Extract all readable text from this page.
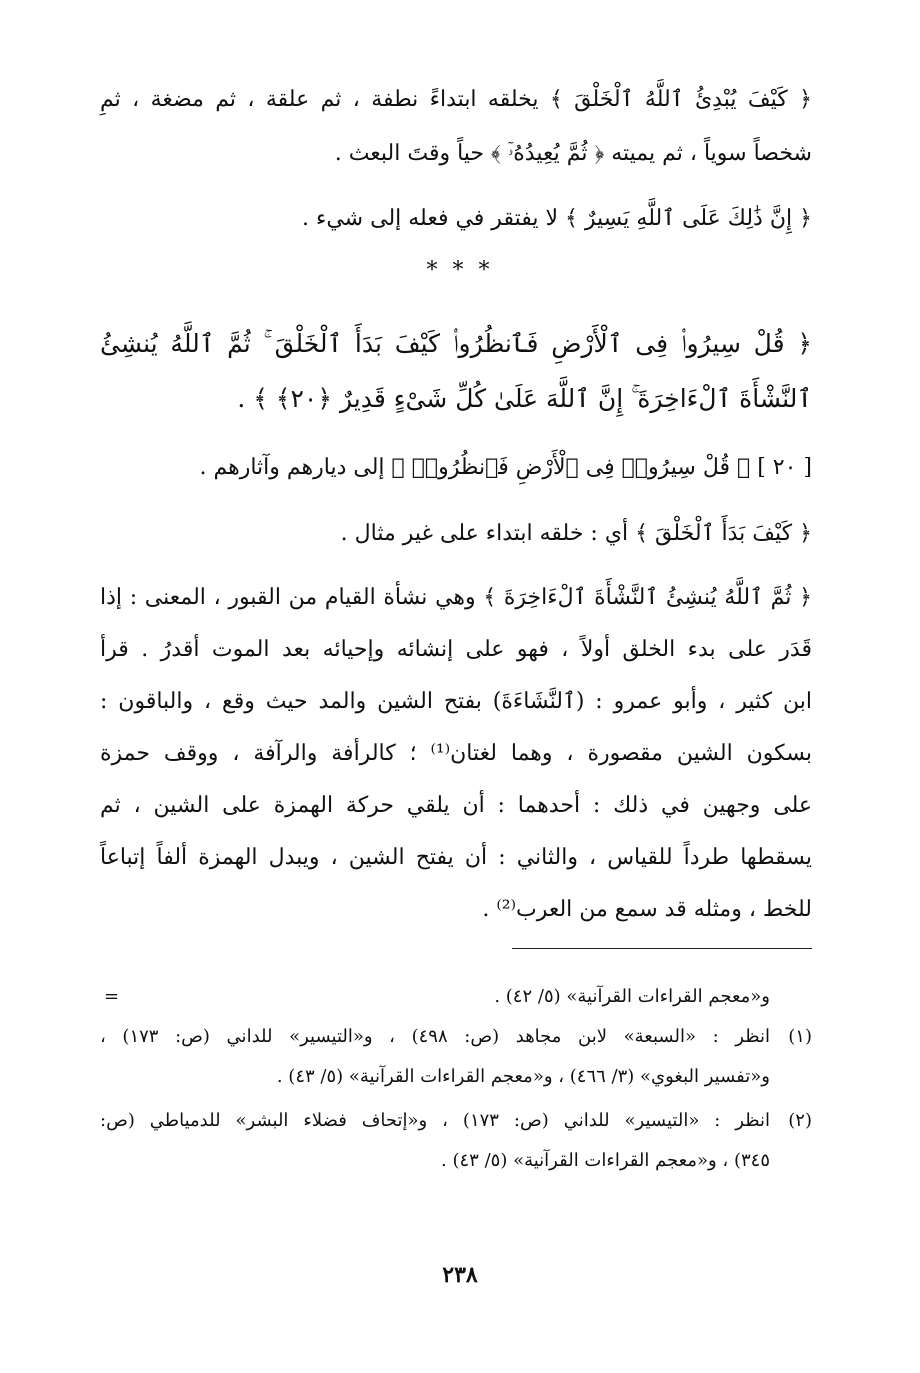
﴿ كَيْفَ يُبْدِئُ ٱللَّهُ ٱلْخَلْقَ ﴾ يخلقه ابتداءً نطفة ، ثم علقة ، ثم مضغة ، ثمِ
شخصاً سوياً ، ثم يميته ﴿ ثُمَّ يُعِيدُهُۥٓ ﴾ حياً وقتَ البعث .
﴿ إِنَّ ذَٰلِكَ عَلَى ٱللَّهِ يَسِيرٌ ﴾ لا يفتقر في فعله إلى شيء .
* * *
﴿ قُلْ سِيرُوا۟ فِى ٱلْأَرْضِ فَٱنظُرُوا۟ كَيْفَ بَدَأَ ٱلْخَلْقَ ۚ ثُمَّ ٱللَّهُ يُنشِئُ
ٱلنَّشْأَةَ ٱلْءَاخِرَةَ ۚ إِنَّ ٱللَّهَ عَلَىٰ كُلِّ شَىْءٍ قَدِيرٌ ﴿٢٠﴾ ﴾ .
[ ٢٠ ] ﴿ قُلْ سِيرُوا۟ فِى ٱلْأَرْضِ فَٱنظُرُوا۟ ﴾ إلى ديارهم وآثارهم .
﴿ كَيْفَ بَدَأَ ٱلْخَلْقَ ﴾ أي : خلقه ابتداء على غير مثال .
﴿ ثُمَّ ٱللَّهُ يُنشِئُ ٱلنَّشْأَةَ ٱلْءَاخِرَةَ ﴾ وهي نشأة القيام من القبور ، المعنى : إذا
قَدَر على بدء الخلق أولاً ، فهو على إنشائه وإحيائه بعد الموت أقدرُ . قرأ
ابن كثير ، وأبو عمرو : (ٱلنَّشَاءَةَ) بفتح الشين والمد حيث وقع ، والباقون :
بسكون الشين مقصورة ، وهما لغتان⁽¹⁾ ؛ كالرأفة والرآفة ، ووقف حمزة
على وجهين في ذلك : أحدهما : أن يلقي حركة الهمزة على الشين ، ثم
يسقطها طرداً للقياس ، والثاني : أن يفتح الشين ، ويبدل الهمزة ألفاً إتباعاً
للخط ، ومثله قد سمع من العرب⁽²⁾ .
=	و«معجم القراءات القرآنية» (٥/ ٤٢) .
(١)
انظر : «السبعة» لابن مجاهد (ص: ٤٩٨) ، و«التيسير» للداني (ص: ١٧٣) ،
و«تفسير البغوي» (٣/ ٤٦٦) ، و«معجم القراءات القرآنية» (٥/ ٤٣) .
(٢)
انظر : «التيسير» للداني (ص: ١٧٣) ، و«إتحاف فضلاء البشر» للدمياطي (ص:
٣٤٥) ، و«معجم القراءات القرآنية» (٥/ ٤٣) .
٢٣٨
